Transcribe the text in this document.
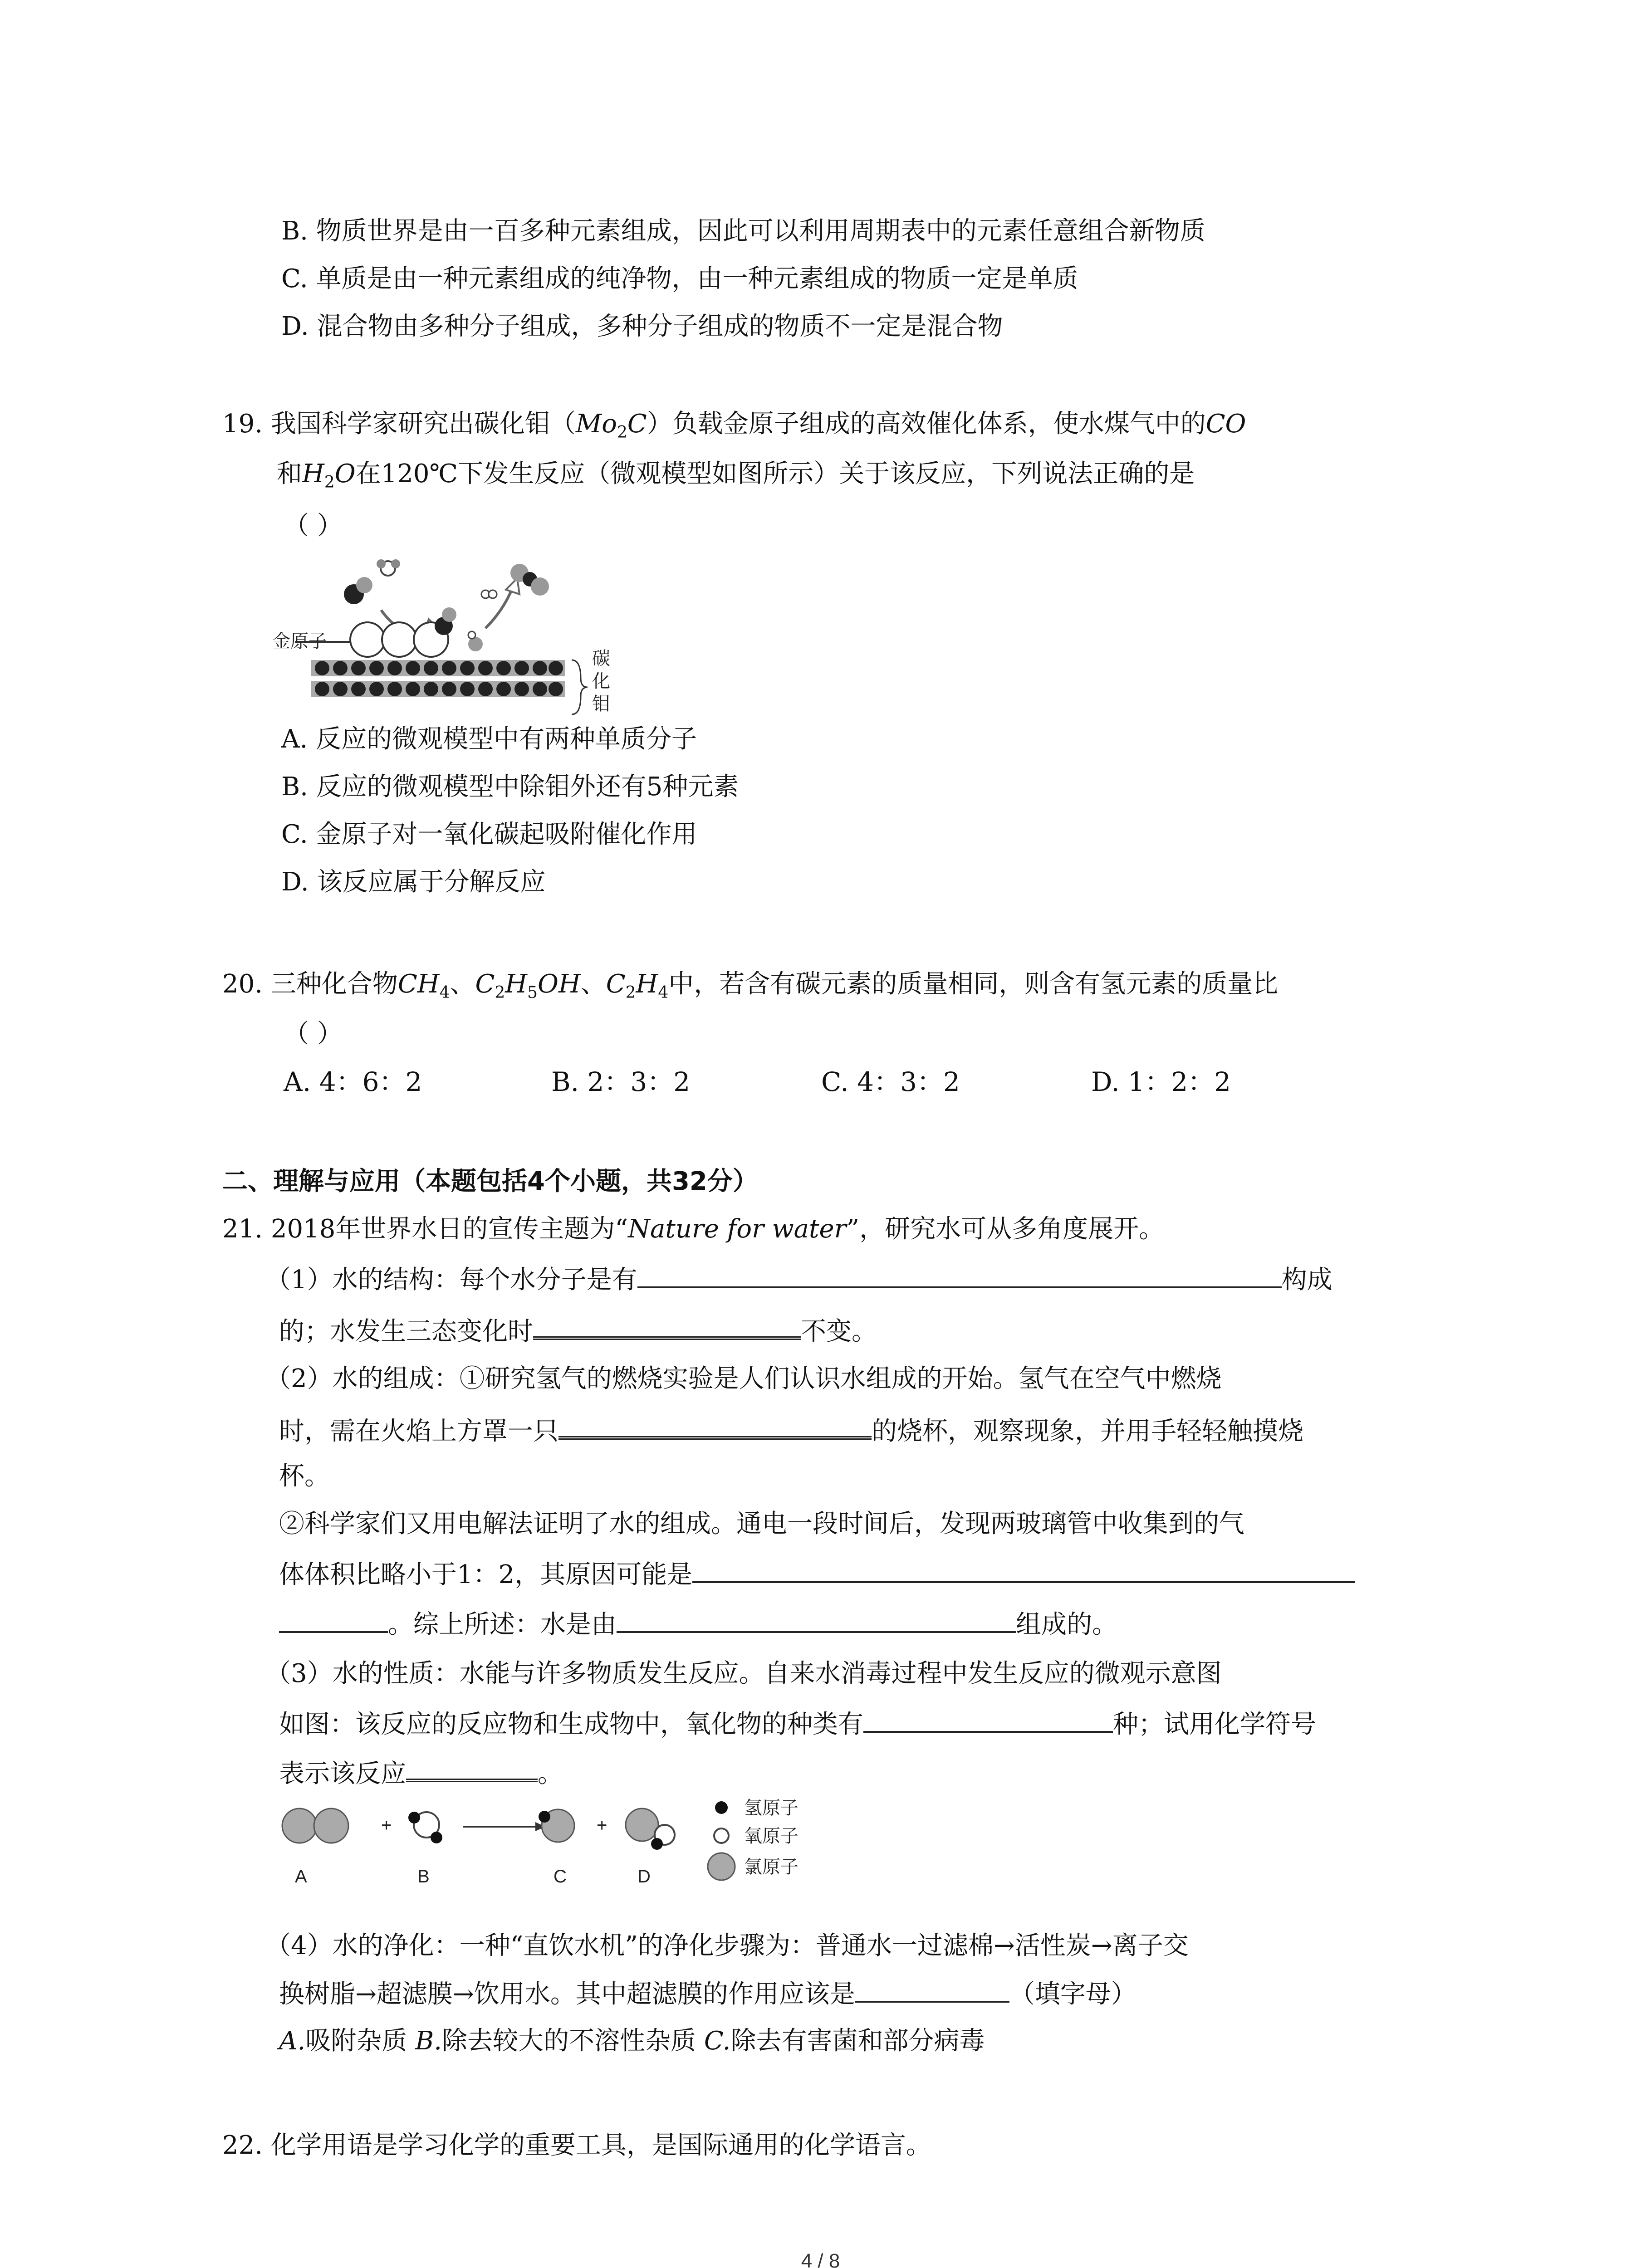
B. 物质世界是由一百多种元素组成，因此可以利用周期表中的元素任意组合新物质
C. 单质是由一种元素组成的纯净物，由一种元素组成的物质一定是单质
D. 混合物由多种分子组成，多种分子组成的物质不一定是混合物
19. 我国科学家研究出碳化钼$(Mo_2C)$负载金原子组成的高效催化体系，使水煤气中的CO
和$H_2O$在120℃下发生反应（微观模型如图所示）关于该反应，下列说法正确的是
（ ）
金原子
碳
化
钼
A. 反应的微观模型中有两种单质分子
B. 反应的微观模型中除钼外还有5种元素
C. 金原子对一氧化碳起吸附催化作用
D. 该反应属于分解反应
20. 三种化合物$CH_4$、$C_2H_5OH$、$C_2H_4$中，若含有碳元素的质量相同，则含有氢元素的质量比
（ ）
A. 4：6：2	B. 2：3：2	C. 4：3：2	D. 1：2：2
二、理解与应用（本题包括4个小题，共32分）
21. 2018年世界水日的宣传主题为“Nature for water”，研究水可从多角度展开。
（1）水的结构：每个水分子是有	构成
的；水发生三态变化时	不变。
（2）水的组成：①研究氢气的燃烧实验是人们认识水组成的开始。氢气在空气中燃烧
时，需在火焰上方罩一只	的烧杯，观察现象，并用手轻轻触摸烧
杯。
②科学家们又用电解法证明了水的组成。通电一段时间后，发现两玻璃管中收集到的气
体体积比略小于1：2，其原因可能是
。综上所述：水是由	组成的。
（3）水的性质：水能与许多物质发生反应。自来水消毒过程中发生反应的微观示意图
如图：该反应的反应物和生成物中，氧化物的种类有	种；试用化学符号
表示该反应	。
A
+
B	C
+
D
氢原子
氧原子
氯原子
（4）水的净化：一种“直饮水机”的净化步骤为：普通水一过滤棉→活性炭→离子交
换树脂→超滤膜→饮用水。其中超滤膜的作用应该是	（填字母）
A.吸附杂质 B.除去较大的不溶性杂质 C.除去有害菌和部分病毒
22. 化学用语是学习化学的重要工具，是国际通用的化学语言。
4 / 8
